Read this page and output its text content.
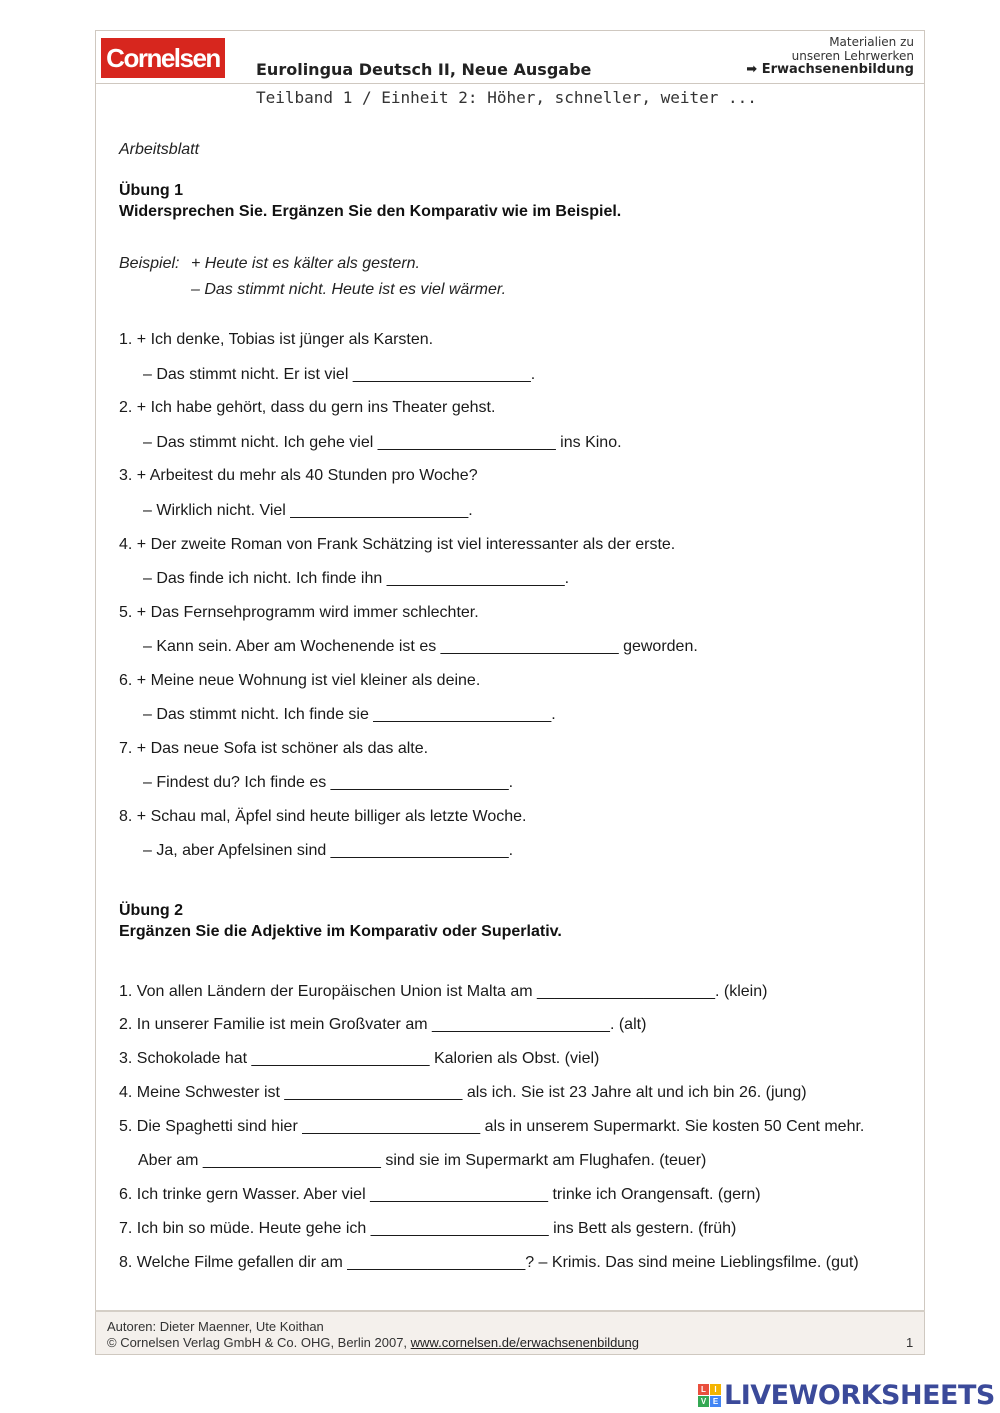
Cornelsen	Eurolingua Deutsch II, Neue Ausgabe
Materialien zu
unseren Lehrwerken
➡ Erwachsenenbildung
Teilband 1 / Einheit 2: Höher, schneller, weiter ...
Arbeitsblatt
Übung 1
Widersprechen Sie. Ergänzen Sie den Komparativ wie im Beispiel.
Beispiel: + Heute ist es kälter als gestern.
– Das stimmt nicht. Heute ist es viel wärmer.
1. + Ich denke, Tobias ist jünger als Karsten.
– Das stimmt nicht. Er ist viel ____________________.
2. + Ich habe gehört, dass du gern ins Theater gehst.
– Das stimmt nicht. Ich gehe viel ____________________ ins Kino.
3. + Arbeitest du mehr als 40 Stunden pro Woche?
– Wirklich nicht. Viel ____________________.
4. + Der zweite Roman von Frank Schätzing ist viel interessanter als der erste.
– Das finde ich nicht. Ich finde ihn ____________________.
5. + Das Fernsehprogramm wird immer schlechter.
– Kann sein. Aber am Wochenende ist es ____________________ geworden.
6. + Meine neue Wohnung ist viel kleiner als deine.
– Das stimmt nicht. Ich finde sie ____________________.
7. + Das neue Sofa ist schöner als das alte.
– Findest du? Ich finde es ____________________.
8. + Schau mal, Äpfel sind heute billiger als letzte Woche.
– Ja, aber Apfelsinen sind ____________________.
Übung 2
Ergänzen Sie die Adjektive im Komparativ oder Superlativ.
1. Von allen Ländern der Europäischen Union ist Malta am ____________________. (klein)
2. In unserer Familie ist mein Großvater am ____________________. (alt)
3. Schokolade hat ____________________ Kalorien als Obst. (viel)
4. Meine Schwester ist ____________________ als ich. Sie ist 23 Jahre alt und ich bin 26. (jung)
5. Die Spaghetti sind hier ____________________ als in unserem Supermarkt. Sie kosten 50 Cent mehr.
Aber am ____________________ sind sie im Supermarkt am Flughafen. (teuer)
6. Ich trinke gern Wasser. Aber viel ____________________ trinke ich Orangensaft. (gern)
7. Ich bin so müde. Heute gehe ich ____________________ ins Bett als gestern. (früh)
8. Welche Filme gefallen dir am ____________________? – Krimis. Das sind meine Lieblingsfilme. (gut)
Autoren: Dieter Maenner, Ute Koithan
© Cornelsen Verlag GmbH & Co. OHG, Berlin 2007, www.cornelsen.de/erwachsenenbildung	1
L	I
V E LIVEWORKSHEETS
